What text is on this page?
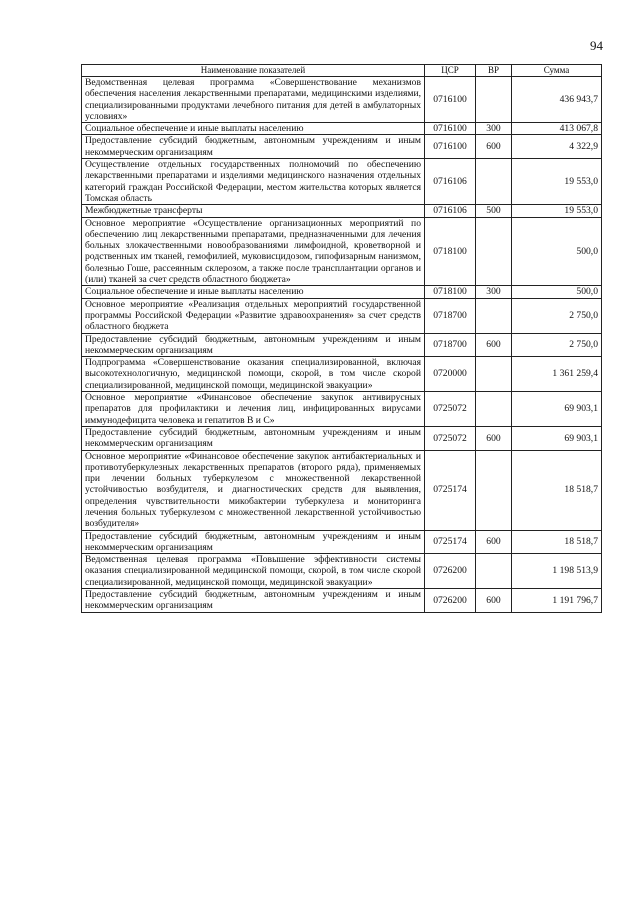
94
Наименование показателей	ЦСР	ВР	Сумма
Ведомственная целевая программа «Совершенствование механизмов обеспечения населения лекарственными препаратами, медицинскими изделиями, специализированными продуктами лечебного питания для детей в амбулаторных условиях»	0716100		436 943,7
Социальное обеспечение и иные выплаты населению	0716100	300	413 067,8
Предоставление субсидий бюджетным, автономным учреждениям и иным некоммерческим организациям	0716100	600	4 322,9
Осуществление отдельных государственных полномочий по обеспечению лекарственными препаратами и изделиями медицинского назначения отдельных категорий граждан Российской Федерации, местом жительства которых является Томская область	0716106		19 553,0
Межбюджетные трансферты	0716106	500	19 553,0
Основное мероприятие «Осуществление организационных мероприятий по обеспечению лиц лекарственными препаратами, предназначенными для лечения больных злокачественными новообразованиями лимфоидной, кроветворной и родственных им тканей, гемофилией, муковисцидозом, гипофизарным нанизмом, болезнью Гоше, рассеянным склерозом, а также после трансплантации органов и (или) тканей за счет средств областного бюджета»	0718100		500,0
Социальное обеспечение и иные выплаты населению	0718100	300	500,0
Основное мероприятие «Реализация отдельных мероприятий государственной программы Российской Федерации «Развитие здравоохранения» за счет средств областного бюджета	0718700		2 750,0
Предоставление субсидий бюджетным, автономным учреждениям и иным некоммерческим организациям	0718700	600	2 750,0
Подпрограмма «Совершенствование оказания специализированной, включая высокотехнологичную, медицинской помощи, скорой, в том числе скорой специализированной, медицинской помощи, медицинской эвакуации»	0720000		1 361 259,4
Основное мероприятие «Финансовое обеспечение закупок антивирусных препаратов для профилактики и лечения лиц, инфицированных вирусами иммунодефицита человека и гепатитов В и С»	0725072		69 903,1
Предоставление субсидий бюджетным, автономным учреждениям и иным некоммерческим организациям	0725072	600	69 903,1
Основное мероприятие «Финансовое обеспечение закупок антибактериальных и противотуберкулезных лекарственных препаратов (второго ряда), применяемых при лечении больных туберкулезом с множественной лекарственной устойчивостью возбудителя, и диагностических средств для выявления, определения чувствительности микобактерии туберкулеза и мониторинга лечения больных туберкулезом с множественной лекарственной устойчивостью возбудителя»	0725174		18 518,7
Предоставление субсидий бюджетным, автономным учреждениям и иным некоммерческим организациям	0725174	600	18 518,7
Ведомственная целевая программа «Повышение эффективности системы оказания специализированной медицинской помощи, скорой, в том числе скорой специализированной, медицинской помощи, медицинской эвакуации»	0726200		1 198 513,9
Предоставление субсидий бюджетным, автономным учреждениям и иным некоммерческим организациям	0726200	600	1 191 796,7
